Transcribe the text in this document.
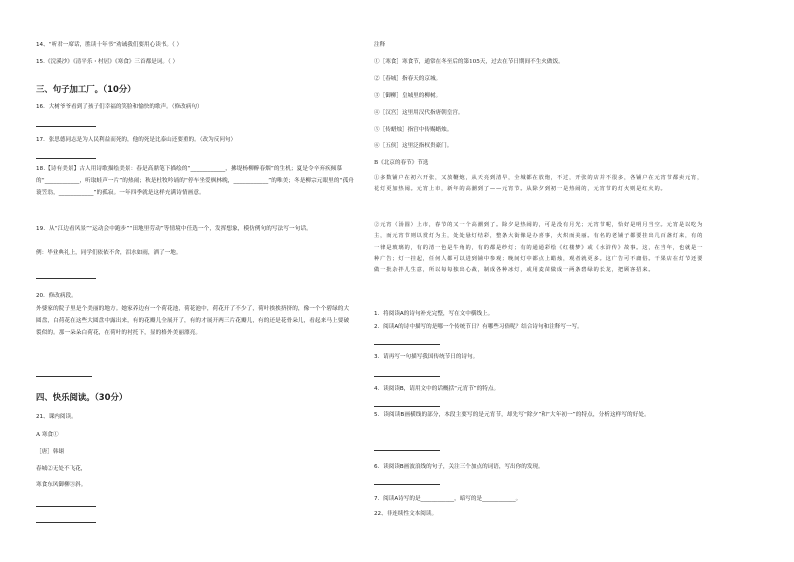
14、“听君一席话，胜读十年书”劝诫我们要用心读书。（ ）
15.《浣溪沙》《清平乐・村居》《寒食》三首都是词。（ ）
三、句子加工厂。（10分）
16．大树爷爷看到了孩子们幸福的笑脸和愉快的歌声。（修改病句）
17．张思德同志是为人民利益而死的，他的死是比泰山还要重的。（改为反问句）
18.【诗有美景】古人用诗歌描绘美景：春是高鼎笔下描绘的“____________，拂堤杨柳醉春烟”的生机；夏是令辛弃疾倾慕的“____________，听取蛙声一片”的热闹；秋是杜牧吟诵的“停车坐爱枫林晚，____________”的唯美；冬是柳宗元眼里的“孤舟蓑笠翁，____________”的孤寂。一年四季就是这样充满诗情画意。
19．从“江边看风景”“运动会中跑步”“田地里劳动”等情境中任选一个，发挥想象，模仿例句的写法写一句话。
例：毕业典礼上，同学们依依不舍，泪水如雨，洒了一地。
20．修改病段。
外婆家的院子里是个美丽的地方。她家养边有一个荷花池，荷花池中，荷花开了不少了，荷叶挨挨挤挤的，像一个个碧绿的大圆盘，白荷花在这些大圆盘中露出来，有的花瓣儿全展开了，有的才展开两三片花瓣儿，有的还是花骨朵儿，看起来马上要破裂似的。那一朵朵白荷花，在荷叶的衬托下，显的格外美丽漂亮。
四、快乐阅读。（30分）
21、课内阅读。
A 寒食①
［唐］韩翃
春城②无处不飞花，
寒食东风御柳③斜。
注释
①［寒食］寒食节，通常在冬至后的第105天，过去在节日期间不生火做饭。
②［春城］指春天的京城。
③［御柳］皇城里的柳树。
④［汉宫］这里用汉代指唐朝皇宫。
⑤［传蜡烛］指宫中传赐蜡烛。
⑥［五侯］这里泛指权贵豪门。
B《北京的春节》节选
①多数铺户在初六开张，又放鞭炮，从天亮到清早，全城都在放炮，不过，开张的店并不很多，各铺户在元宵节都卖元宵，花灯更加热闹。元宵上市，新年的高潮到了——元宵节。从除夕到初一是热闹的，元宵节的灯火则是红火的。
②元宵（汤圆）上市，春节的又一个高潮到了。除夕是热闹的，可是没有月光；元宵节呢，恰好是明月当空。元宵是以吃为主，而元宵节则以赏灯为主，处处悬灯结彩，整条大街像是办喜事，火炽而美丽。有名的老铺子都要挂出几百盏灯来，有的一律是玻璃的，有的清一色是牛角的，有的都是纱灯；有的通通彩绘《红楼梦》或《水浒传》故事。这，在当年，也就是一种广告；灯一挂起，任何人都可以进到铺中参观；晚间灯中都点上蜡烛，观者就更多。这广告可不庸俗。干果店在灯节还要做一批杂拌儿生意，所以每每独出心裁，制成各种冰灯，或用麦苗做成一两条碧绿的长龙，把顾客招来。
1．将阅读A的诗句补充完整，写在文中横线上。
2．阅读A的诗中描写的是哪一个传统节日？有哪些习俗呢？结合诗句和注释写一写。
3．请再写一句描写我国传统节日的诗句。
4．读阅读B，请用文中的话概括“元宵节”的特点。
5．读阅读B画横线的部分，本段主要写的是元宵节，却先写“除夕”和“大年初一”的特点，分析这样写的好处。
6．读阅读B画波浪线的句子，关注三个加点的词语，写出你的发现。
7．阅读A诗写的是____________，暗写的是____________。
22、非连续性文本阅读。
